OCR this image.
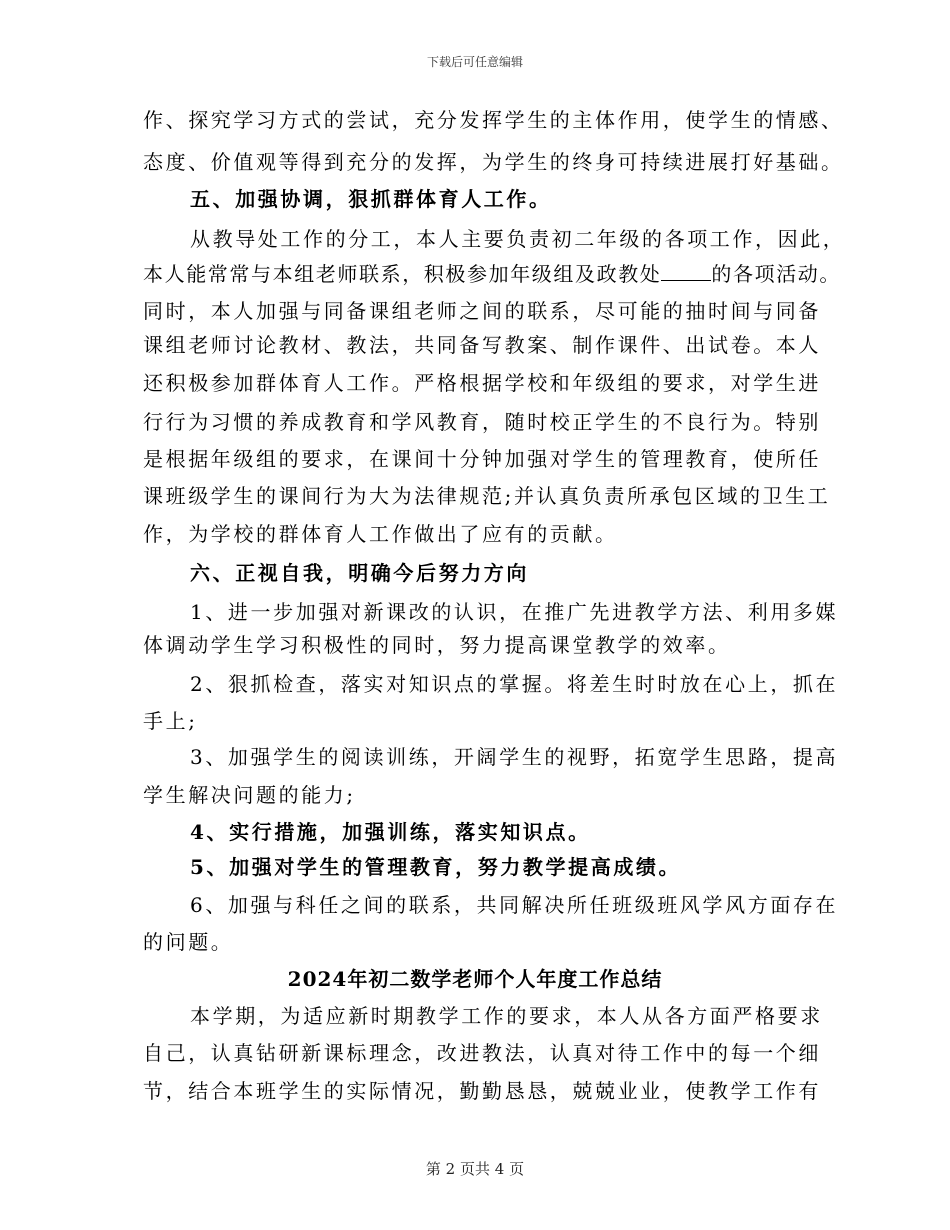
下载后可任意编辑
作、探究学习方式的尝试，充分发挥学生的主体作用，使学生的情感、
态度、价值观等得到充分的发挥，为学生的终身可持续进展打好基础。
五、加强协调，狠抓群体育人工作。
从教导处工作的分工，本人主要负责初二年级的各项工作，因此，
本人能常常与本组老师联系，积极参加年级组及政教处	的各项活动。
同时，本人加强与同备课组老师之间的联系，尽可能的抽时间与同备
课组老师讨论教材、教法，共同备写教案、制作课件、出试卷。本人
还积极参加群体育人工作。严格根据学校和年级组的要求，对学生进
行行为习惯的养成教育和学风教育，随时校正学生的不良行为。特别
是根据年级组的要求，在课间十分钟加强对学生的管理教育，使所任
课班级学生的课间行为大为法律规范;并认真负责所承包区域的卫生工
作，为学校的群体育人工作做出了应有的贡献。
六、正视自我，明确今后努力方向
1、进一步加强对新课改的认识，在推广先进教学方法、利用多媒
体调动学生学习积极性的同时，努力提高课堂教学的效率。
2、狠抓检查，落实对知识点的掌握。将差生时时放在心上，抓在
手上;
3、加强学生的阅读训练，开阔学生的视野，拓宽学生思路，提高
学生解决问题的能力;
4、实行措施，加强训练，落实知识点。
5、加强对学生的管理教育，努力教学提高成绩。
6、加强与科任之间的联系，共同解决所任班级班风学风方面存在
的问题。
2024年初二数学老师个人年度工作总结
本学期，为适应新时期教学工作的要求，本人从各方面严格要求
自己，认真钻研新课标理念，改进教法，认真对待工作中的每一个细
节，结合本班学生的实际情况，勤勤恳恳，兢兢业业，使教学工作有
第 2 页共 4 页
